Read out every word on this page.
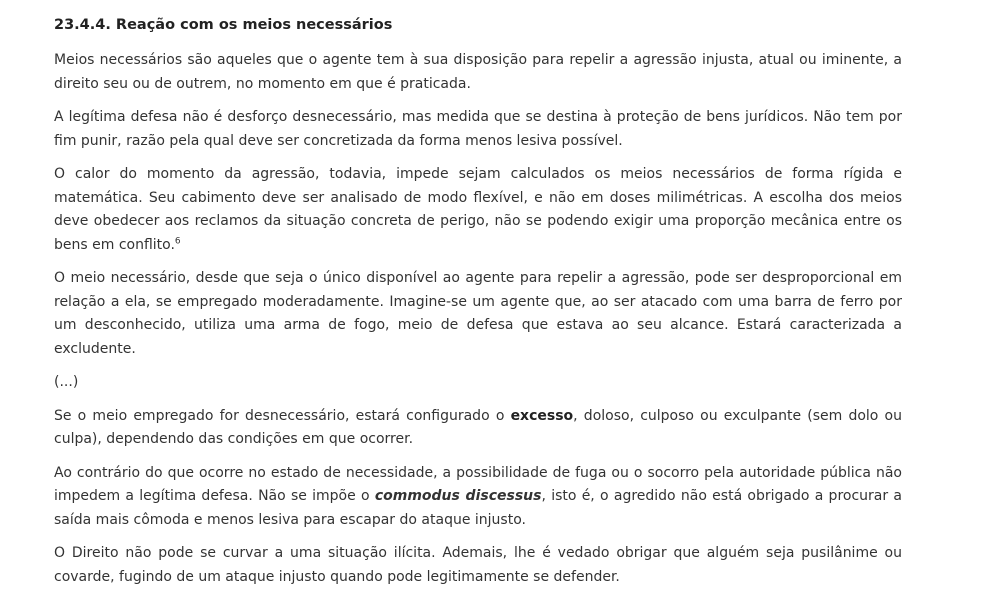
23.4.4. Reação com os meios necessários

Meios necessários são aqueles que o agente tem à sua disposição para repelir a agressão injusta, atual ou iminente, a direito seu ou de outrem, no momento em que é praticada.

A legítima defesa não é desforço desnecessário, mas medida que se destina à proteção de bens jurídicos. Não tem por fim punir, razão pela qual deve ser concretizada da forma menos lesiva possível.

O calor do momento da agressão, todavia, impede sejam calculados os meios necessários de forma rígida e matemática. Seu cabimento deve ser analisado de modo flexível, e não em doses milimétricas. A escolha dos meios deve obedecer aos reclamos da situação concreta de perigo, não se podendo exigir uma proporção mecânica entre os bens em conflito.$^6$

O meio necessário, desde que seja o único disponível ao agente para repelir a agressão, pode ser desproporcional em relação a ela, se empregado moderadamente. Imagine-se um agente que, ao ser atacado com uma barra de ferro por um desconhecido, utiliza uma arma de fogo, meio de defesa que estava ao seu alcance. Estará caracterizada a excludente.

(...)

Se o meio empregado for desnecessário, estará configurado o excesso, doloso, culposo ou exculpante (sem dolo ou culpa), dependendo das condições em que ocorrer.

Ao contrário do que ocorre no estado de necessidade, a possibilidade de fuga ou o socorro pela autoridade pública não impedem a legítima defesa. Não se impõe o commodus discessus, isto é, o agredido não está obrigado a procurar a saída mais cômoda e menos lesiva para escapar do ataque injusto.

O Direito não pode se curvar a uma situação ilícita. Ademais, lhe é vedado obrigar que alguém seja pusilânime ou covarde, fugindo de um ataque injusto quando pode legitimamente se defender.
